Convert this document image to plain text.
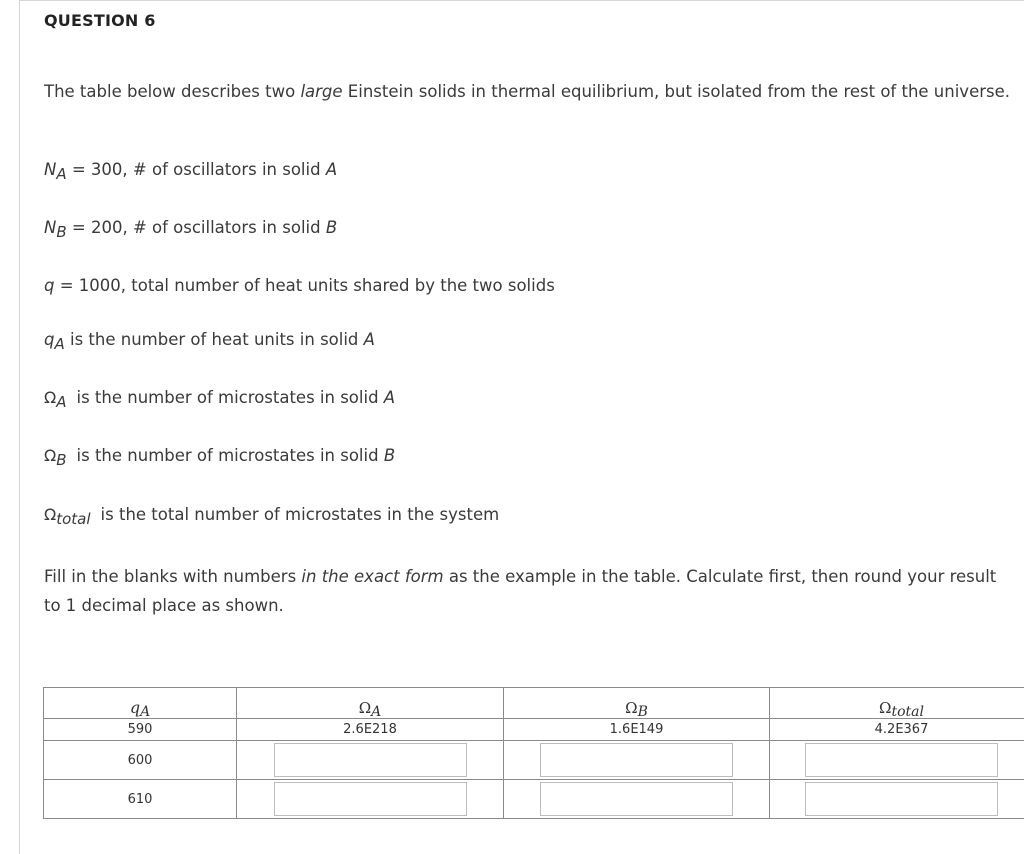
QUESTION 6
The table below describes two large Einstein solids in thermal equilibrium, but isolated from the rest of the universe.
NA = 300, # of oscillators in solid A
NB = 200, # of oscillators in solid B
q = 1000, total number of heat units shared by the two solids
qA is the number of heat units in solid A
ΩA is the number of microstates in solid A
ΩB is the number of microstates in solid B
Ωtotal is the total number of microstates in the system
Fill in the blanks with numbers in the exact form as the example in the table. Calculate first, then round your result to 1 decimal place as shown.
qA	ΩA	ΩB	Ωtotal
590	2.6E218	1.6E149	4.2E367
600	

610	
